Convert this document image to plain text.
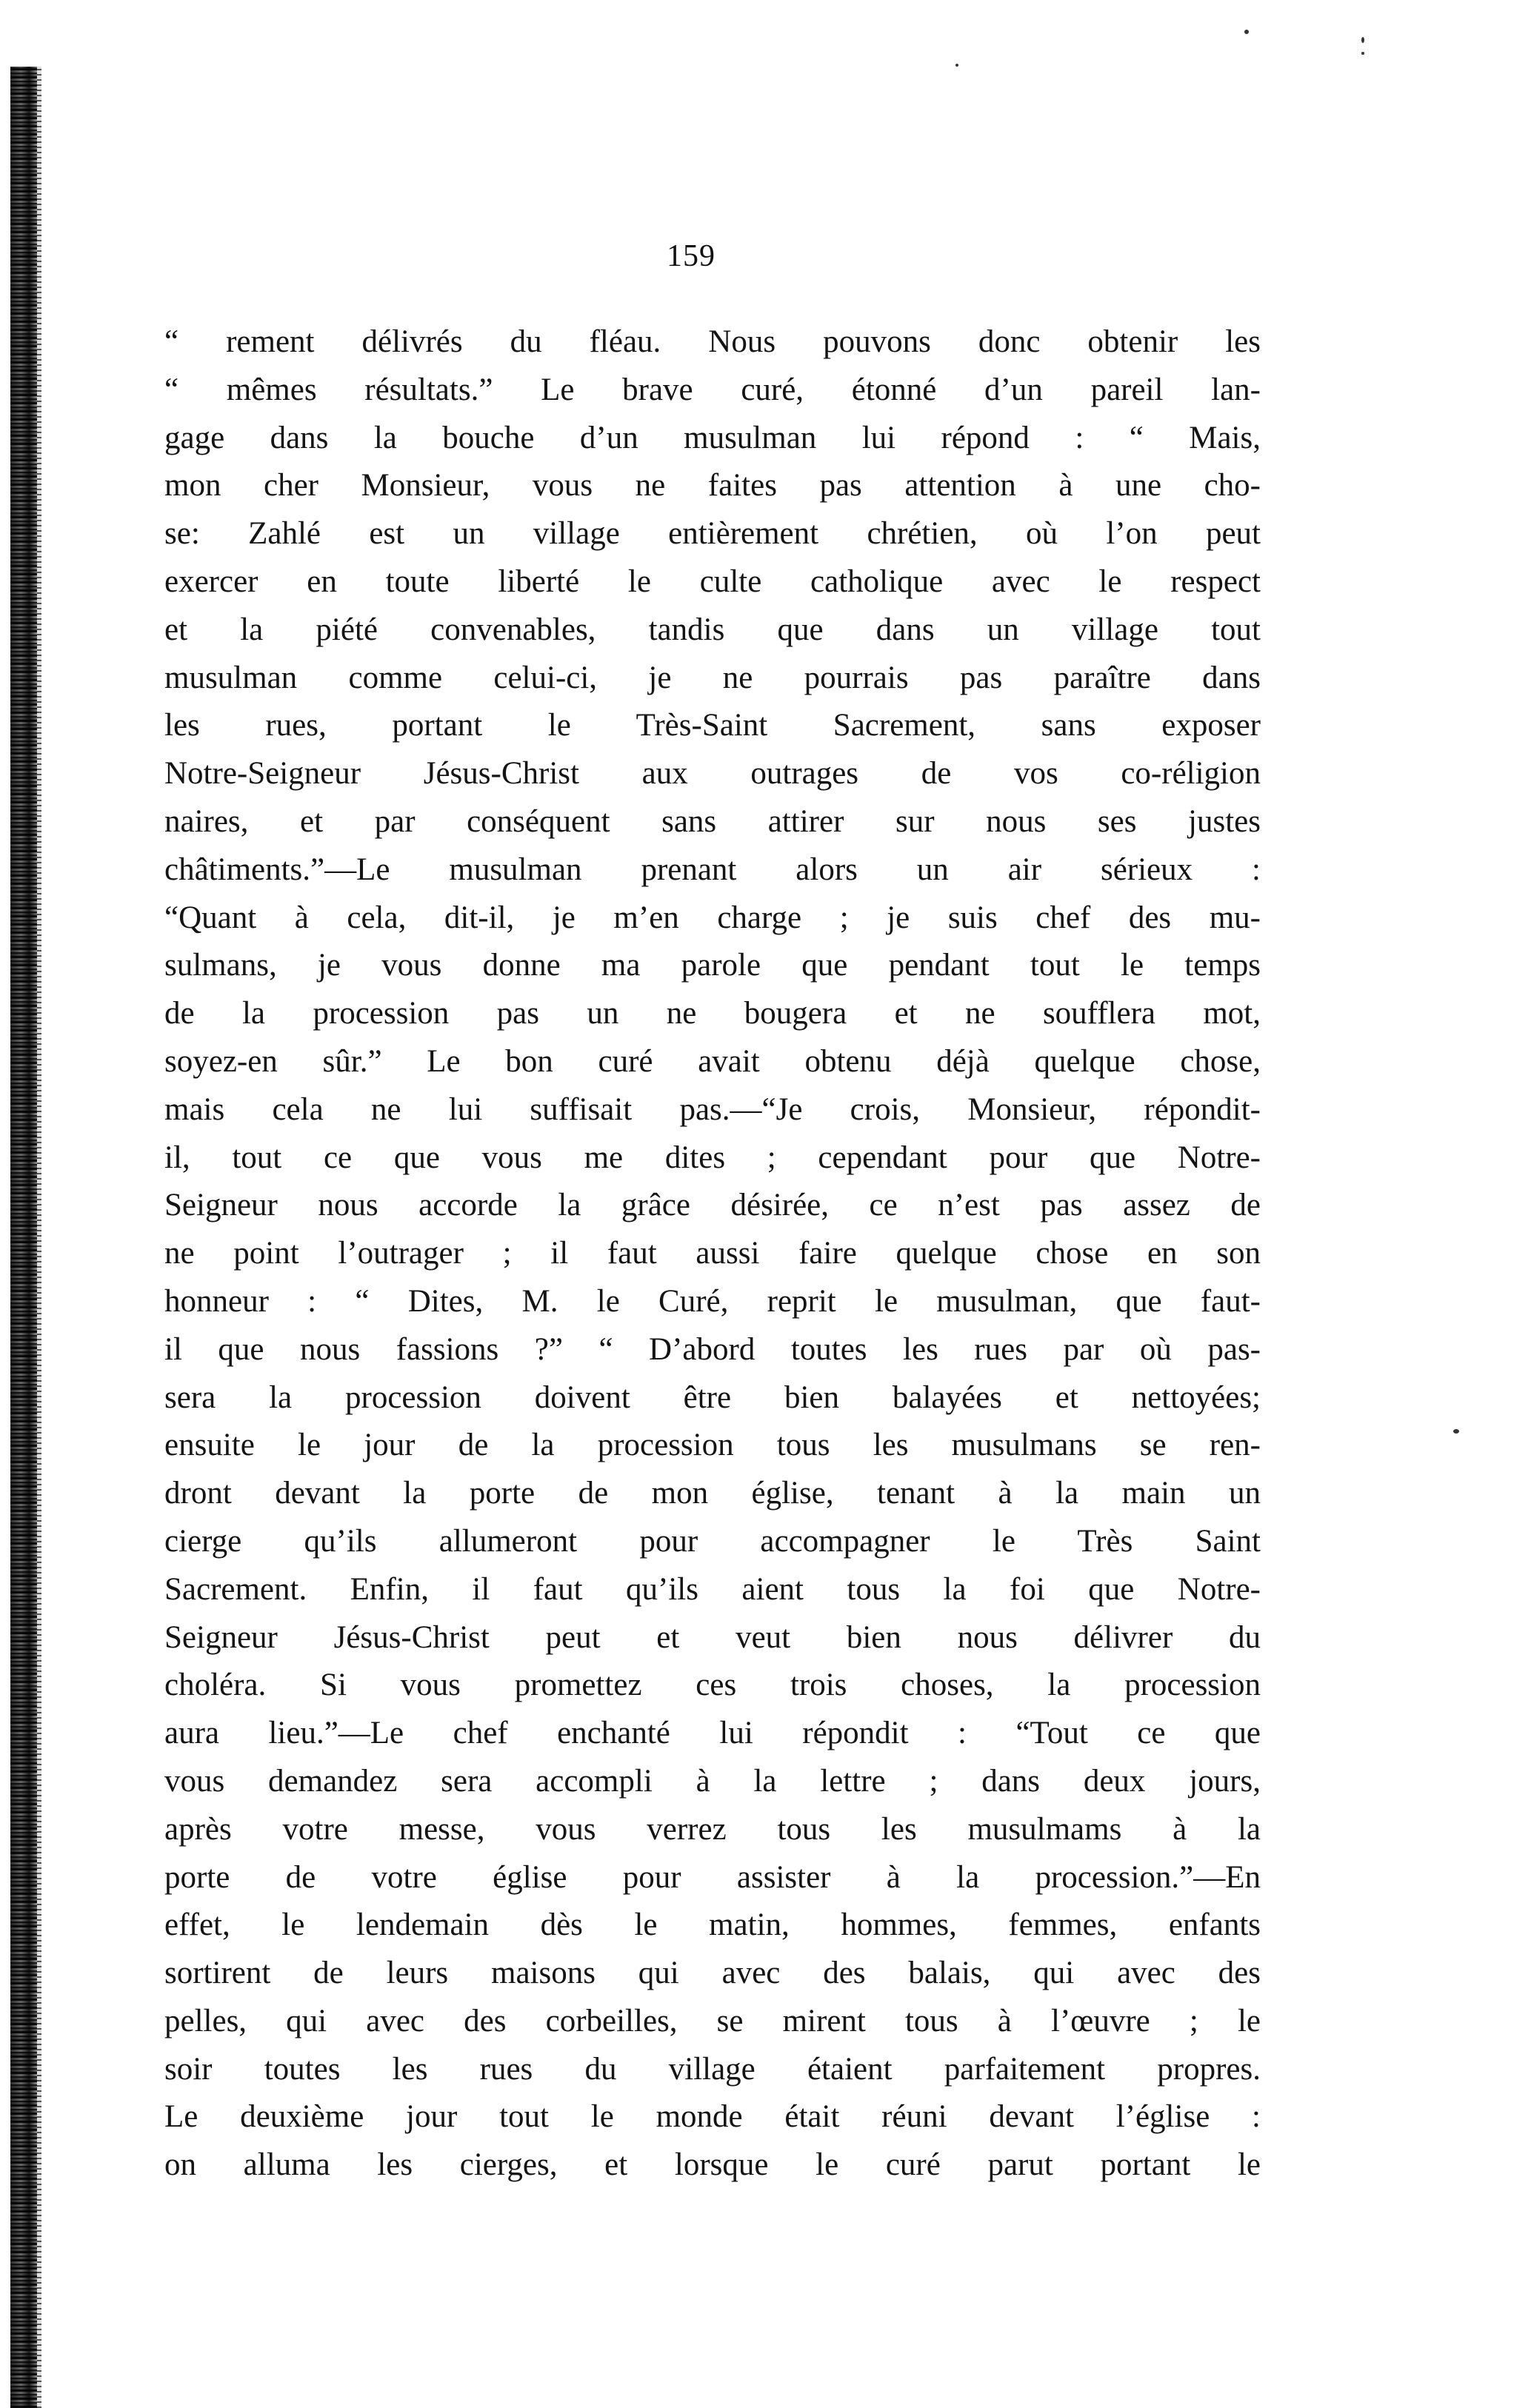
159
“ rement délivrés du fléau. Nous pouvons donc obtenir les
“ mêmes résultats.” Le brave curé, étonné d’un pareil lan-
gage dans la bouche d’un musulman lui répond : “ Mais,
mon cher Monsieur, vous ne faites pas attention à une cho-
se: Zahlé est un village entièrement chrétien, où l’on peut
exercer en toute liberté le culte catholique avec le respect
et la piété convenables, tandis que dans un village tout
musulman comme celui-ci, je ne pourrais pas paraître dans
les rues, portant le Très-Saint Sacrement, sans exposer
Notre-Seigneur Jésus-Christ aux outrages de vos co-réligion
naires, et par conséquent sans attirer sur nous ses justes
châtiments.”—Le musulman prenant alors un air sérieux :
“Quant à cela, dit-il, je m’en charge ; je suis chef des mu-
sulmans, je vous donne ma parole que pendant tout le temps
de la procession pas un ne bougera et ne soufflera mot,
soyez-en sûr.” Le bon curé avait obtenu déjà quelque chose,
mais cela ne lui suffisait pas.—“Je crois, Monsieur, répondit-
il, tout ce que vous me dites ; cependant pour que Notre-
Seigneur nous accorde la grâce désirée, ce n’est pas assez de
ne point l’outrager ; il faut aussi faire quelque chose en son
honneur : “ Dites, M. le Curé, reprit le musulman, que faut-
il que nous fassions ?” “ D’abord toutes les rues par où pas-
sera la procession doivent être bien balayées et nettoyées;
ensuite le jour de la procession tous les musulmans se ren-
dront devant la porte de mon église, tenant à la main un
cierge qu’ils allumeront pour accompagner le Très Saint
Sacrement. Enfin, il faut qu’ils aient tous la foi que Notre-
Seigneur Jésus-Christ peut et veut bien nous délivrer du
choléra. Si vous promettez ces trois choses, la procession
aura lieu.”—Le chef enchanté lui répondit : “Tout ce que
vous demandez sera accompli à la lettre ; dans deux jours,
après votre messe, vous verrez tous les musulmams à la
porte de votre église pour assister à la procession.”—En
effet, le lendemain dès le matin, hommes, femmes, enfants
sortirent de leurs maisons qui avec des balais, qui avec des
pelles, qui avec des corbeilles, se mirent tous à l’œuvre ; le
soir toutes les rues du village étaient parfaitement propres.
Le deuxième jour tout le monde était réuni devant l’église :
on alluma les cierges, et lorsque le curé parut portant le
